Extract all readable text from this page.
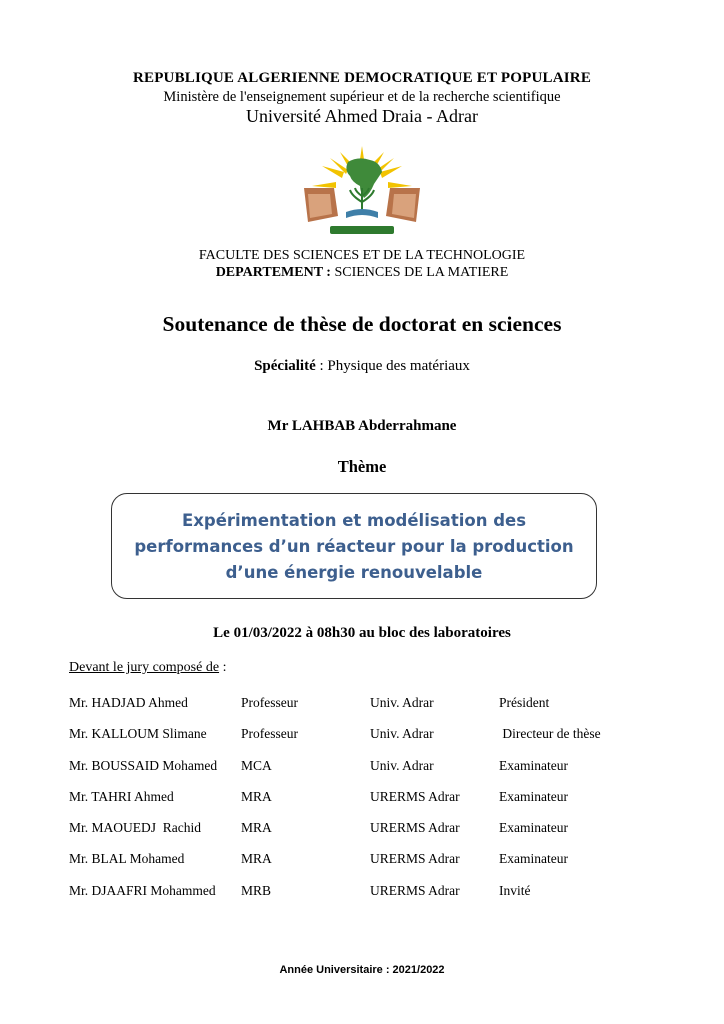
REPUBLIQUE ALGERIENNE DEMOCRATIQUE ET POPULAIRE
Ministère de l'enseignement supérieur et de la recherche scientifique
Université Ahmed Draia - Adrar
FACULTE DES SCIENCES ET DE LA TECHNOLOGIE
DEPARTEMENT : SCIENCES DE LA MATIERE
Soutenance de thèse de doctorat en sciences
Spécialité : Physique des matériaux
Mr LAHBAB Abderrahmane
Thème
Expérimentation et modélisation des
performances d’un réacteur pour la production
d’une énergie renouvelable
Le 01/03/2022 à 08h30 au bloc des laboratoires
Devant le jury composé de :
Mr. HADJAD Ahmed	Professeur	Univ. Adrar	Président
Mr. KALLOUM Slimane	Professeur	Univ. Adrar	Directeur de thèse
Mr. BOUSSAID Mohamed MCA	Univ. Adrar	Examinateur
Mr. TAHRI Ahmed	MRA	URERMS Adrar	Examinateur
Mr. MAOUEDJ  Rachid	MRA	URERMS Adrar	Examinateur
Mr. BLAL Mohamed	MRA	URERMS Adrar	Examinateur
Mr. DJAAFRI Mohammed MRB	URERMS Adrar	Invité
Année Universitaire : 2021/2022
